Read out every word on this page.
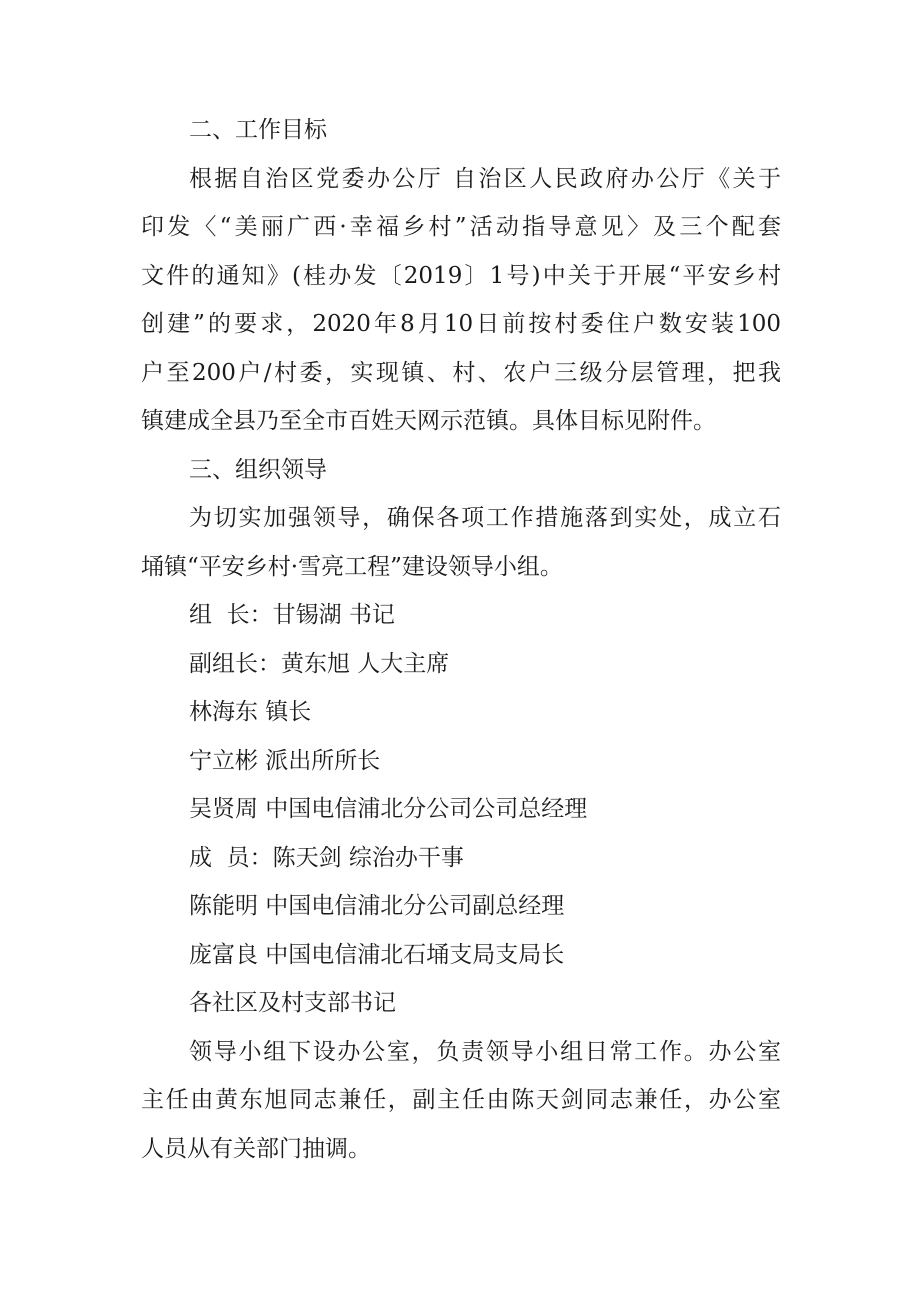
二、工作目标
根据自治区党委办公厅 自治区人民政府办公厅《关于
印发〈“美丽广西·幸福乡村”活动指导意见〉及三个配套
文件的通知》(桂办发〔2019〕1号)中关于开展“平安乡村
创建”的要求，2020年8月10日前按村委住户数安装100
户至200户/村委，实现镇、村、农户三级分层管理，把我
镇建成全县乃至全市百姓天网示范镇。具体目标见附件。
三、组织领导
为切实加强领导，确保各项工作措施落到实处，成立石
埇镇“平安乡村·雪亮工程”建设领导小组。
组  长：甘锡湖 书记
副组长：黄东旭 人大主席
林海东 镇长
宁立彬 派出所所长
吴贤周 中国电信浦北分公司公司总经理
成  员：陈天剑 综治办干事
陈能明 中国电信浦北分公司副总经理
庞富良 中国电信浦北石埇支局支局长
各社区及村支部书记
领导小组下设办公室，负责领导小组日常工作。办公室
主任由黄东旭同志兼任，副主任由陈天剑同志兼任，办公室
人员从有关部门抽调。
